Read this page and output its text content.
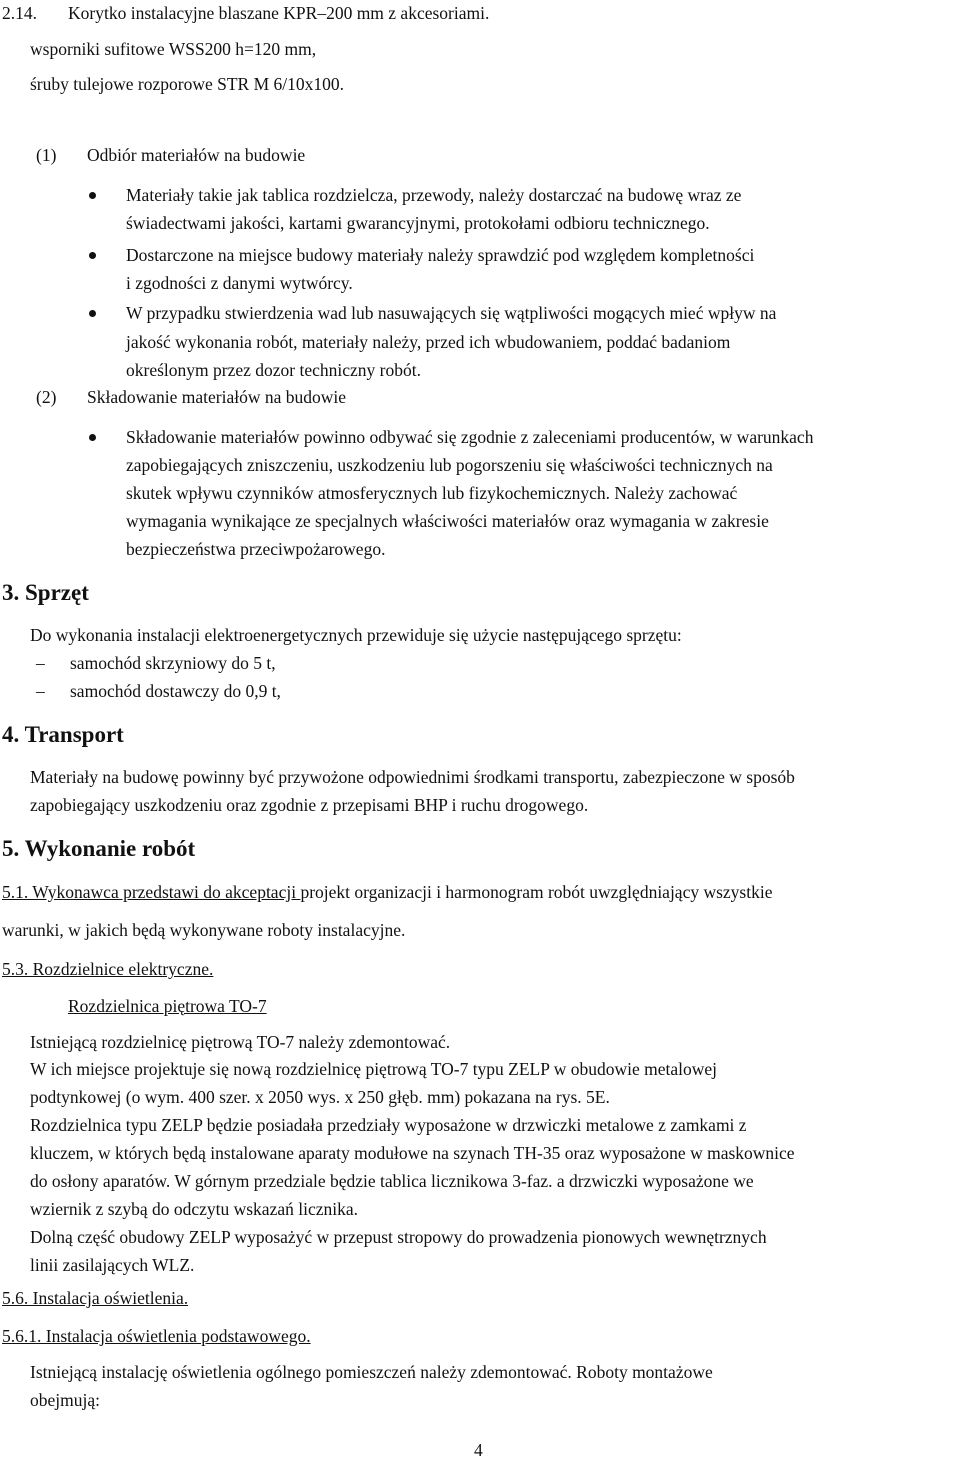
2.14. Korytko instalacyjne blaszane KPR–200 mm z akcesoriami.
wsporniki sufitowe WSS200 h=120 mm,
śruby tulejowe rozporowe STR M 6/10x100.
(1) Odbiór materiałów na budowie
Materiały takie jak tablica rozdzielcza, przewody, należy dostarczać na budowę wraz ze
świadectwami jakości, kartami gwarancyjnymi, protokołami odbioru technicznego.
Dostarczone na miejsce budowy materiały należy sprawdzić pod względem kompletności
i zgodności z danymi wytwórcy.
W przypadku stwierdzenia wad lub nasuwających się wątpliwości mogących mieć wpływ na
jakość wykonania robót, materiały należy, przed ich wbudowaniem, poddać badaniom
określonym przez dozor techniczny robót.
(2) Składowanie materiałów na budowie
Składowanie materiałów powinno odbywać się zgodnie z zaleceniami producentów, w warunkach
zapobiegających zniszczeniu, uszkodzeniu lub pogorszeniu się właściwości technicznych na
skutek wpływu czynników atmosferycznych lub fizykochemicznych. Należy zachować
wymagania wynikające ze specjalnych właściwości materiałów oraz wymagania w zakresie
bezpieczeństwa przeciwpożarowego.
3. Sprzęt
Do wykonania instalacji elektroenergetycznych przewiduje się użycie następującego sprzętu:
– samochód skrzyniowy do 5 t,
– samochód dostawczy do 0,9 t,
4. Transport
Materiały na budowę powinny być przywożone odpowiednimi środkami transportu, zabezpieczone w sposób
zapobiegający uszkodzeniu oraz zgodnie z przepisami BHP i ruchu drogowego.
5. Wykonanie robót
5.1. Wykonawca przedstawi do akceptacji projekt organizacji i harmonogram robót uwzględniający wszystkie
warunki, w jakich będą wykonywane roboty instalacyjne.
5.3. Rozdzielnice elektryczne.
Rozdzielnica piętrowa TO-7
Istniejącą rozdzielnicę piętrową TO-7 należy zdemontować.
W ich miejsce projektuje się nową rozdzielnicę piętrową TO-7 typu ZELP w obudowie metalowej
podtynkowej (o wym. 400 szer. x 2050 wys. x 250 głęb. mm) pokazana na rys. 5E.
Rozdzielnica typu ZELP będzie posiadała przedziały wyposażone w drzwiczki metalowe z zamkami z
kluczem, w których będą instalowane aparaty modułowe na szynach TH-35 oraz wyposażone w maskownice
do osłony aparatów. W górnym przedziale będzie tablica licznikowa 3-faz. a drzwiczki wyposażone we
wziernik z szybą do odczytu wskazań licznika.
Dolną część obudowy ZELP wyposażyć w przepust stropowy do prowadzenia pionowych wewnętrznych
linii zasilających WLZ.
5.6. Instalacja oświetlenia.
5.6.1. Instalacja oświetlenia podstawowego.
Istniejącą instalację oświetlenia ogólnego pomieszczeń należy zdemontować. Roboty montażowe
obejmują:
4
